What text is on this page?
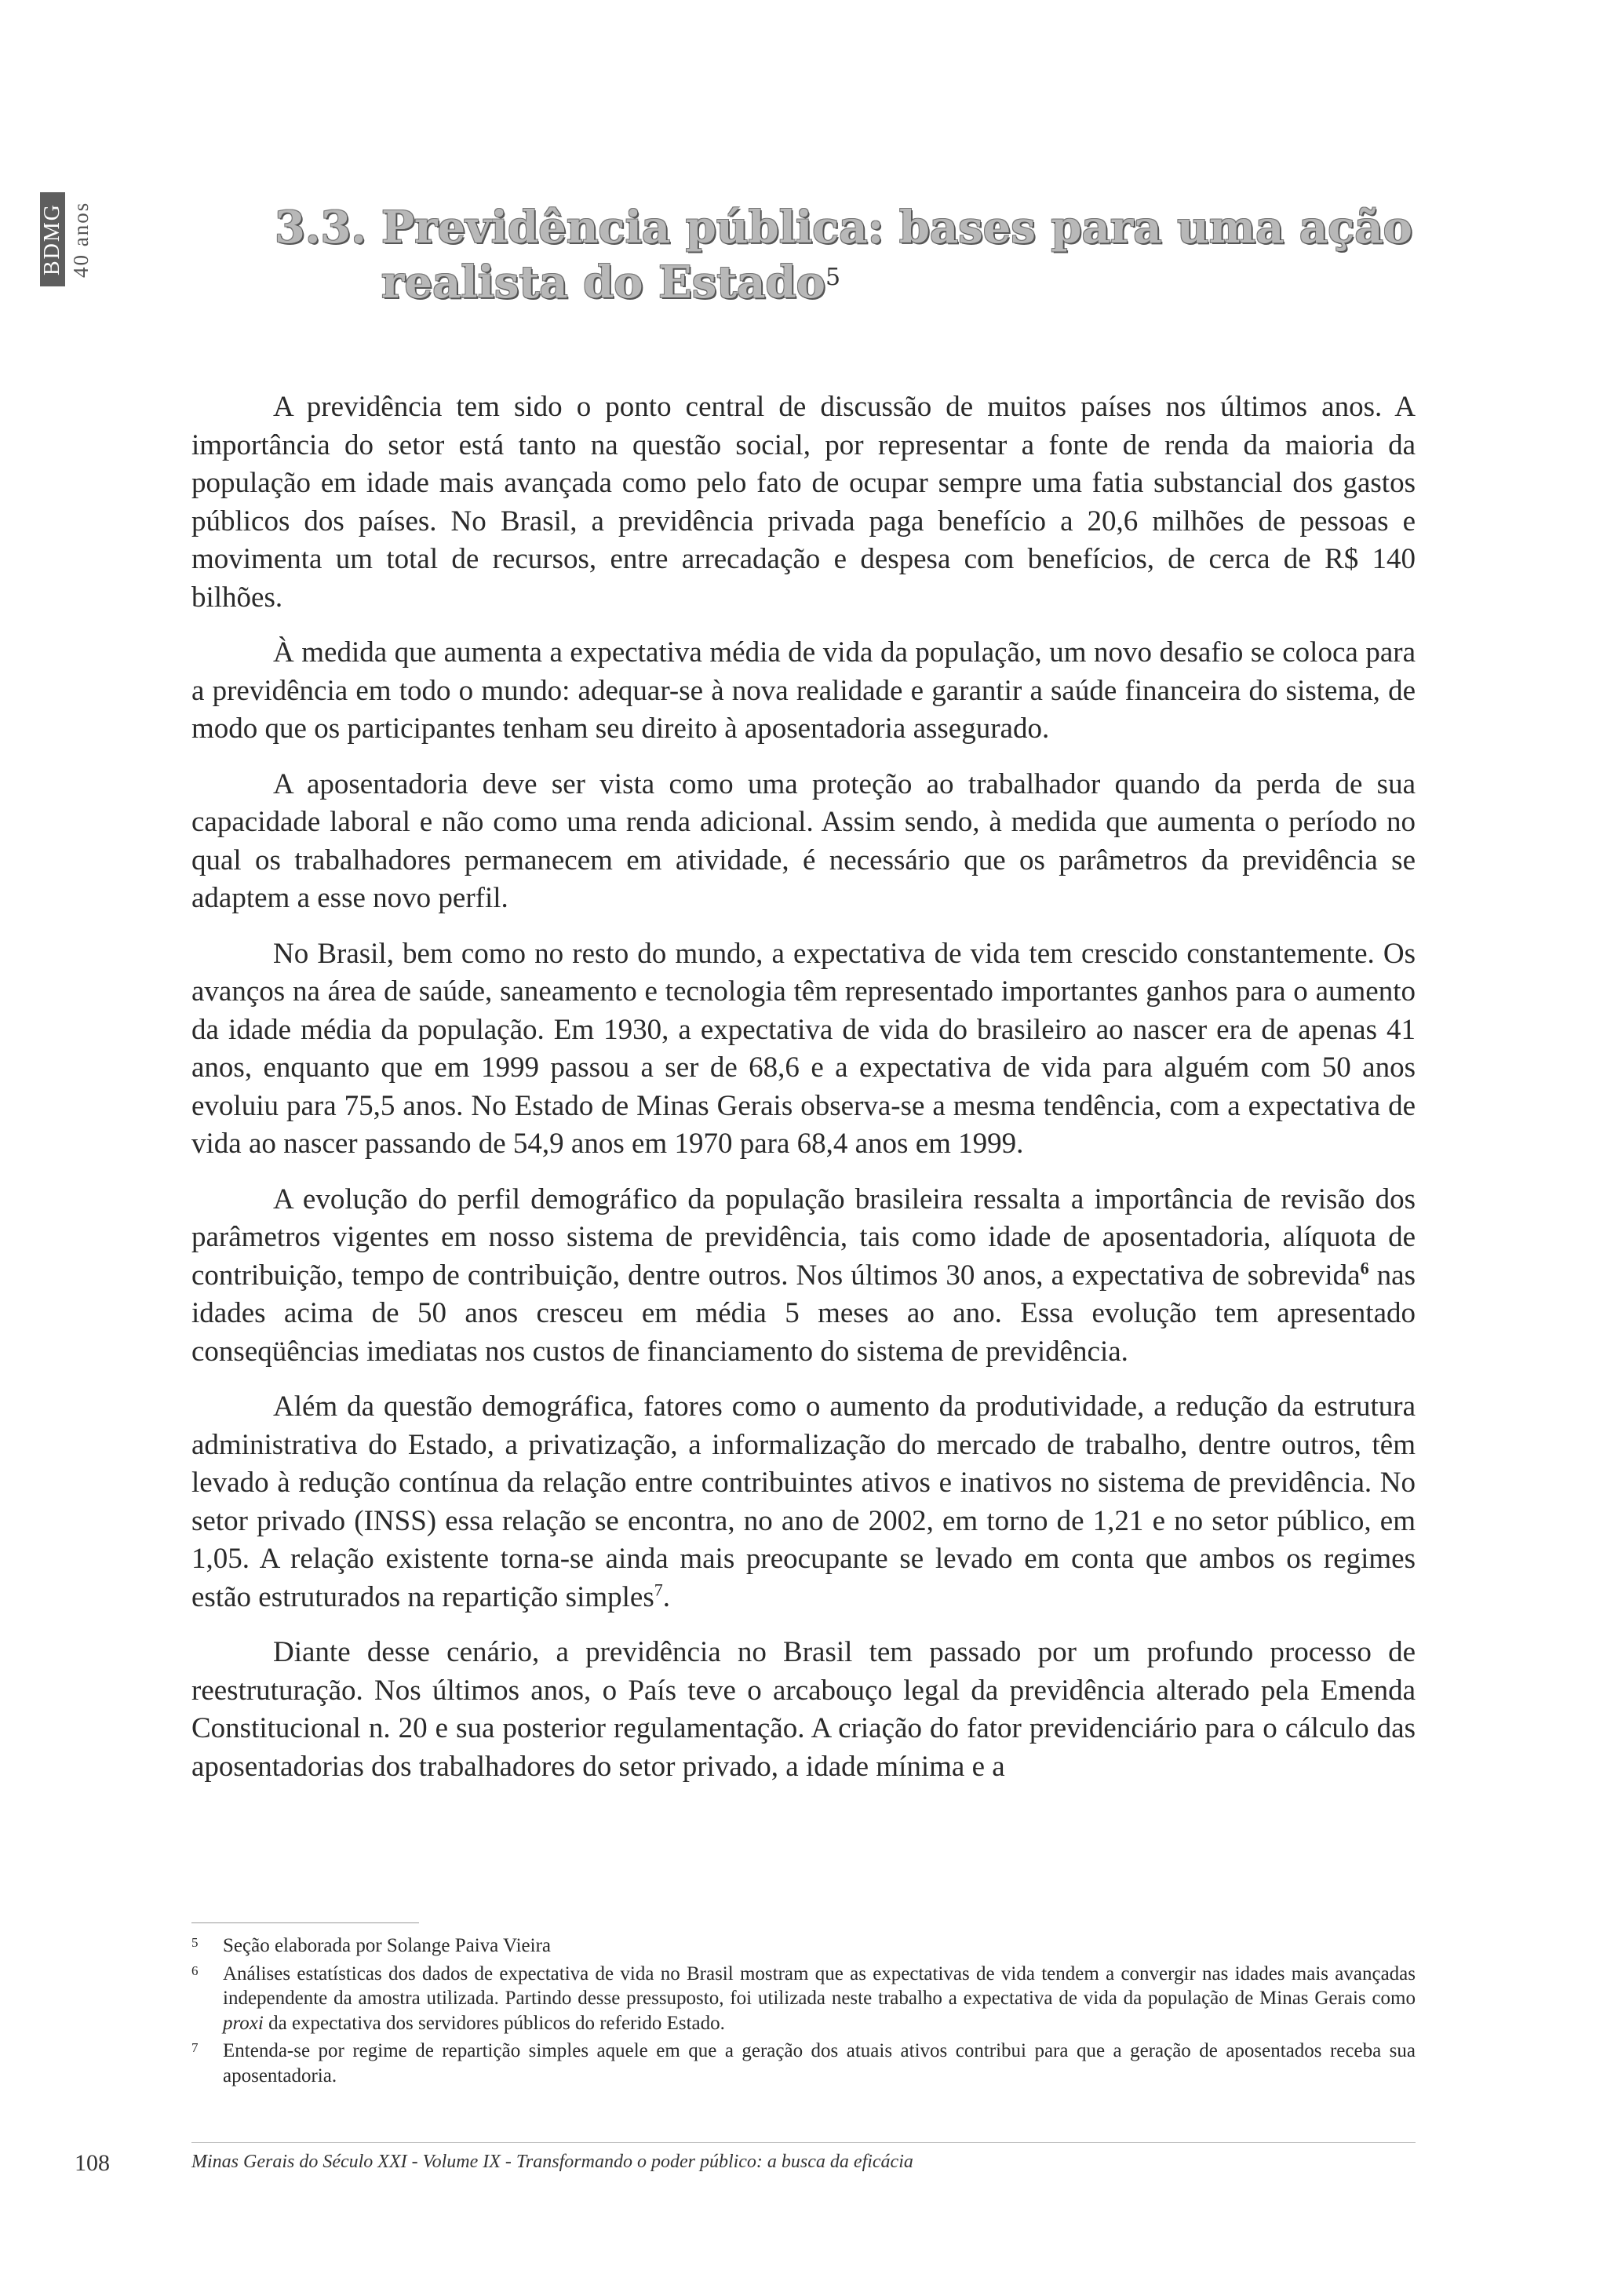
BDMG 40 anos	3.3. Previdência pública: bases para uma ação
realista do Estado$^5$

A previdência tem sido o ponto central de discussão de muitos países nos últimos anos. A importância do setor está tanto na questão social, por representar a fonte de renda da maioria da população em idade mais avançada como pelo fato de ocupar sempre uma fatia substancial dos gastos públicos dos países. No Brasil, a previdência privada paga benefício a 20,6 milhões de pessoas e movimenta um total de recursos, entre arrecadação e despesa com benefícios, de cerca de R$ 140 bilhões.

À medida que aumenta a expectativa média de vida da população, um novo desafio se coloca para a previdência em todo o mundo: adequar-se à nova realidade e garantir a saúde financeira do sistema, de modo que os participantes tenham seu direito à aposentadoria assegurado.

A aposentadoria deve ser vista como uma proteção ao trabalhador quando da perda de sua capacidade laboral e não como uma renda adicional. Assim sendo, à medida que aumenta o período no qual os trabalhadores permanecem em atividade, é necessário que os parâmetros da previdência se adaptem a esse novo perfil.

No Brasil, bem como no resto do mundo, a expectativa de vida tem crescido constantemente. Os avanços na área de saúde, saneamento e tecnologia têm representado importantes ganhos para o aumento da idade média da população. Em 1930, a expectativa de vida do brasileiro ao nascer era de apenas 41 anos, enquanto que em 1999 passou a ser de 68,6 e a expectativa de vida para alguém com 50 anos evoluiu para 75,5 anos. No Estado de Minas Gerais observa-se a mesma tendência, com a expectativa de vida ao nascer passando de 54,9 anos em 1970 para 68,4 anos em 1999.

A evolução do perfil demográfico da população brasileira ressalta a importância de revisão dos parâmetros vigentes em nosso sistema de previdência, tais como idade de aposentadoria, alíquota de contribuição, tempo de contribuição, dentre outros. Nos últimos 30 anos, a expectativa de sobrevida$^6$ nas idades acima de 50 anos cresceu em média 5 meses ao ano. Essa evolução tem apresentado conseqüências imediatas nos custos de financiamento do sistema de previdência.

Além da questão demográfica, fatores como o aumento da produtividade, a redução da estrutura administrativa do Estado, a privatização, a informalização do mercado de trabalho, dentre outros, têm levado à redução contínua da relação entre contribuintes ativos e inativos no sistema de previdência. No setor privado (INSS) essa relação se encontra, no ano de 2002, em torno de 1,21 e no setor público, em 1,05. A relação existente torna-se ainda mais preocupante se levado em conta que ambos os regimes estão estruturados na repartição simples$^7$.

Diante desse cenário, a previdência no Brasil tem passado por um profundo processo de reestruturação. Nos últimos anos, o País teve o arcabouço legal da previdência alterado pela Emenda Constitucional n. 20 e sua posterior regulamentação. A criação do fator previdenciário para o cálculo das aposentadorias dos trabalhadores do setor privado, a idade mínima e a

5 Seção elaborada por Solange Paiva Vieira
6 Análises estatísticas dos dados de expectativa de vida no Brasil mostram que as expectativas de vida tendem a convergir nas idades mais avançadas independente da amostra utilizada. Partindo desse pressuposto, foi utilizada neste trabalho a expectativa de vida da população de Minas Gerais como proxi da expectativa dos servidores públicos do referido Estado.
7 Entenda-se por regime de repartição simples aquele em que a geração dos atuais ativos contribui para que a geração de aposentados receba sua aposentadoria.
108	Minas Gerais do Século XXI - Volume IX - Transformando o poder público: a busca da eficácia
